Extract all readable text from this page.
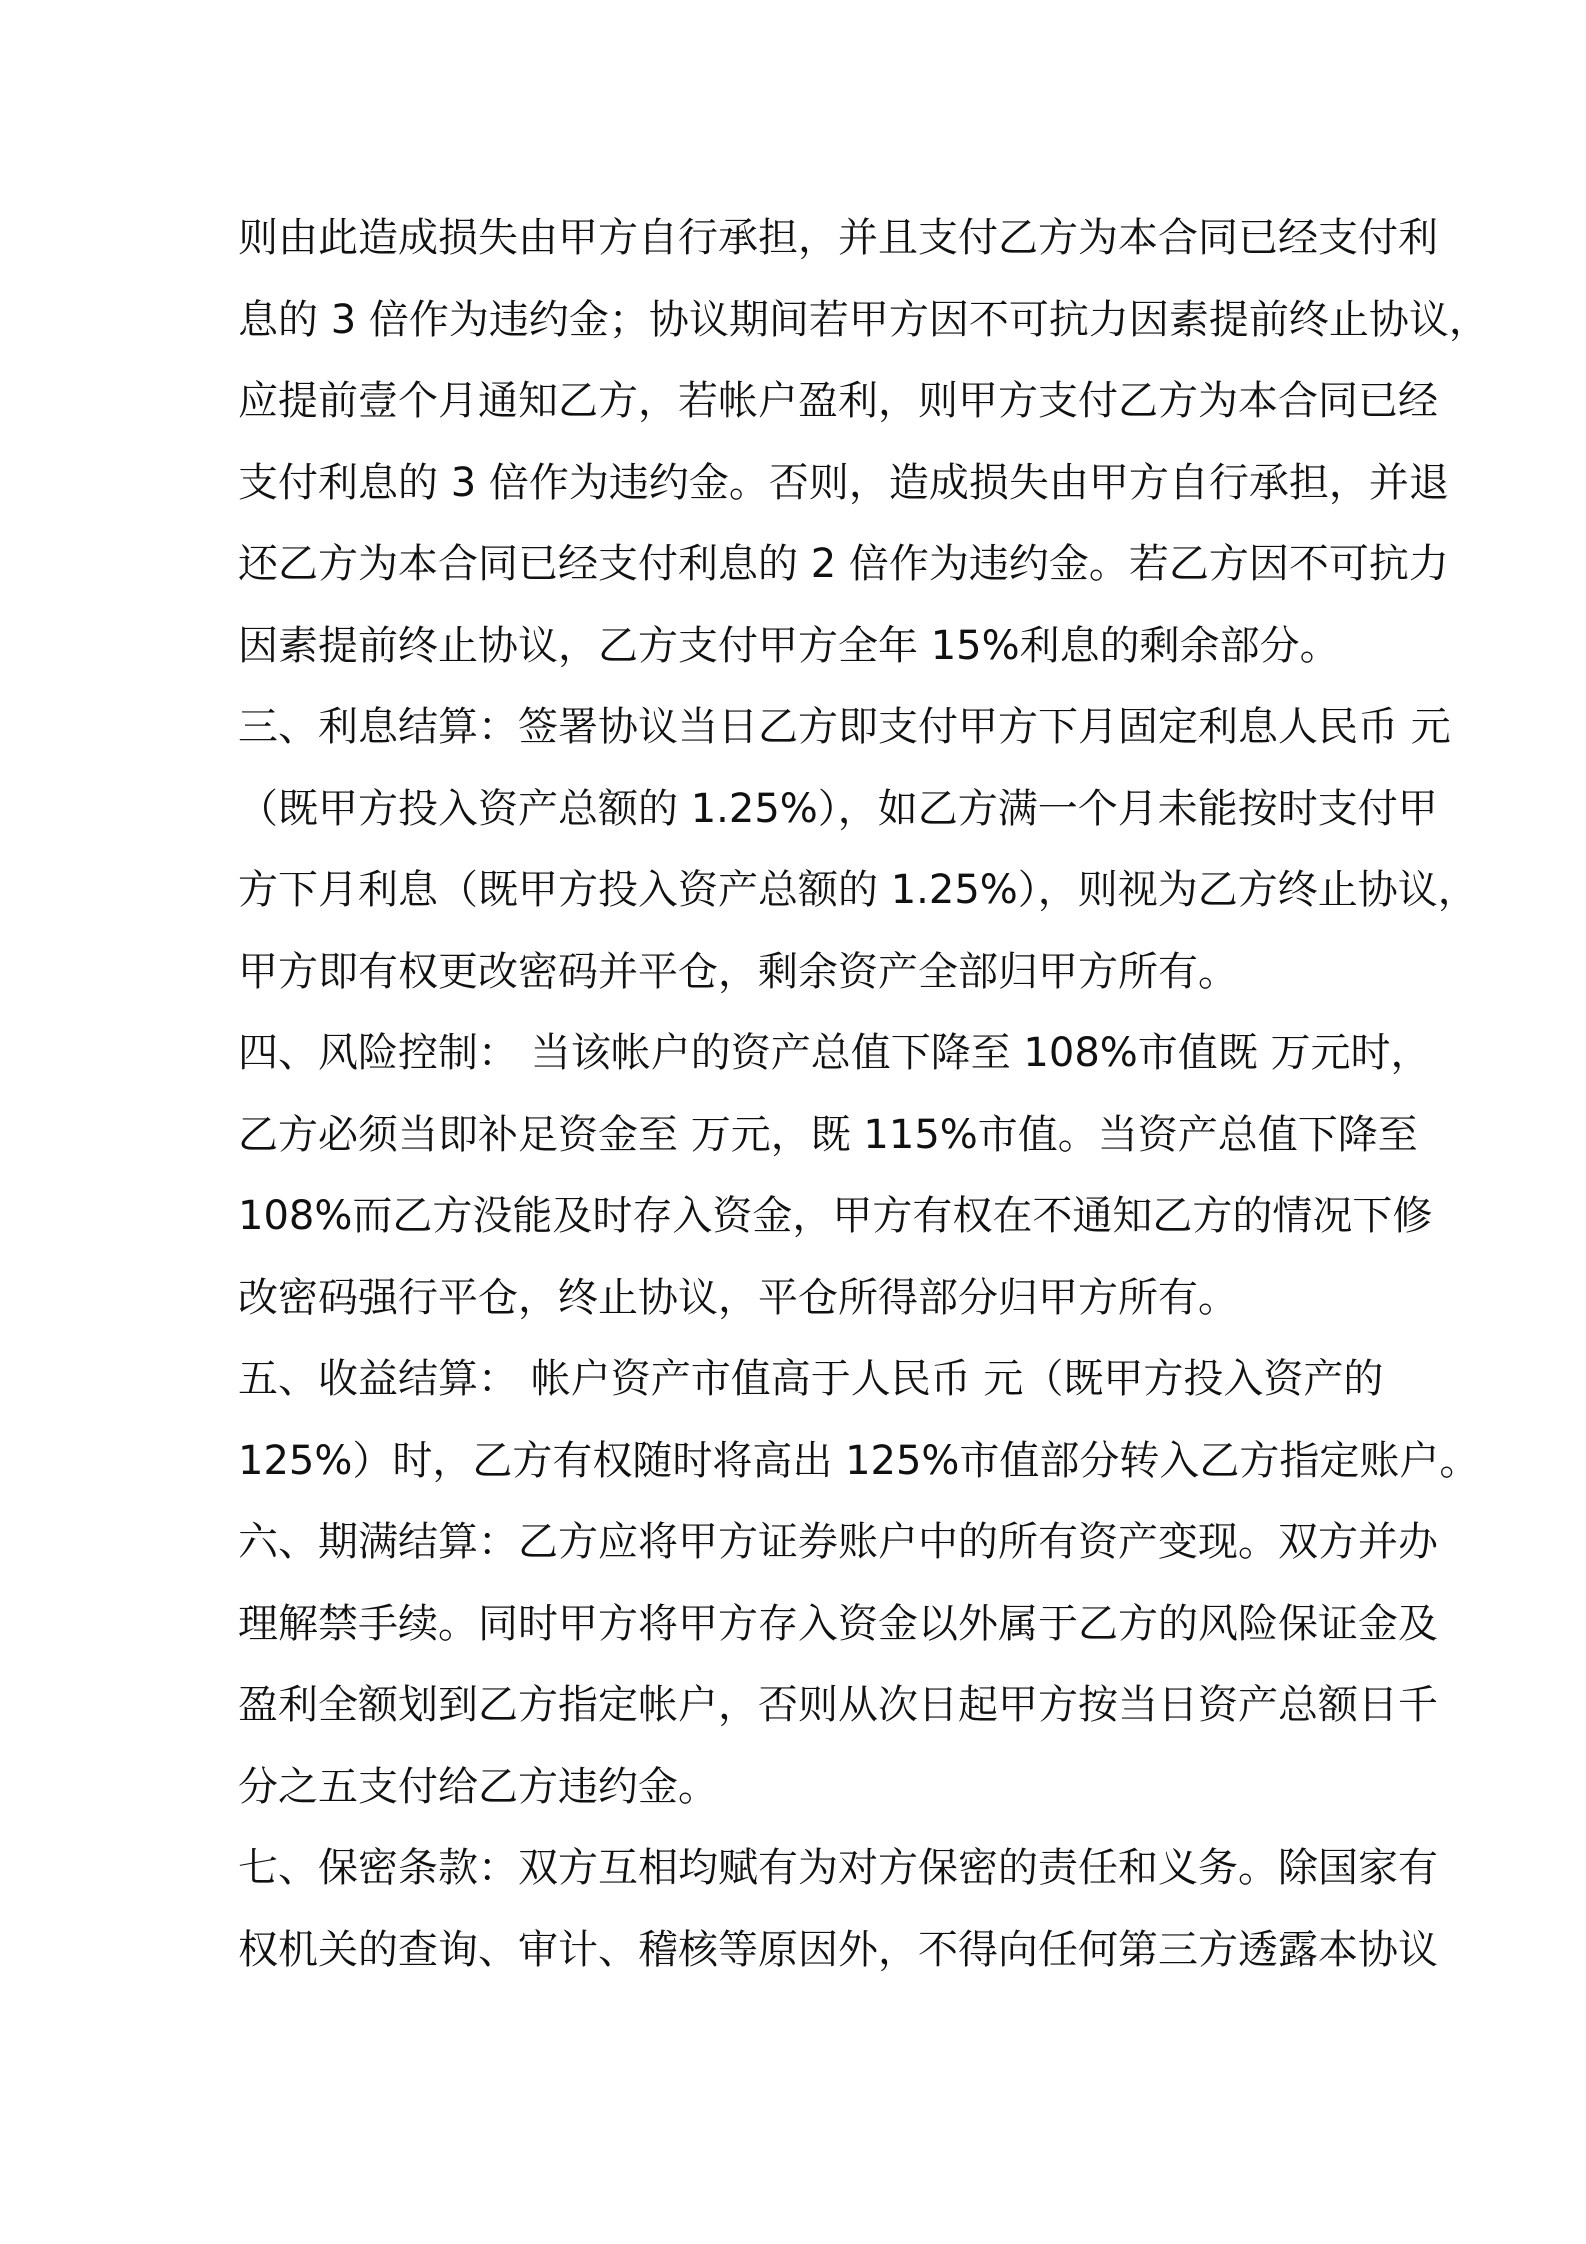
则由此造成损失由甲方自行承担，并且支付乙方为本合同已经支付利
息的 3 倍作为违约金；协议期间若甲方因不可抗力因素提前终止协议，
应提前壹个月通知乙方，若帐户盈利，则甲方支付乙方为本合同已经
支付利息的 3 倍作为违约金。否则，造成损失由甲方自行承担，并退
还乙方为本合同已经支付利息的 2 倍作为违约金。若乙方因不可抗力
因素提前终止协议，乙方支付甲方全年 15%利息的剩余部分。
三、利息结算：签署协议当日乙方即支付甲方下月固定利息人民币 元
（既甲方投入资产总额的 1.25%），如乙方满一个月未能按时支付甲
方下月利息（既甲方投入资产总额的 1.25%），则视为乙方终止协议，
甲方即有权更改密码并平仓，剩余资产全部归甲方所有。
四、风险控制： 当该帐户的资产总值下降至 108%市值既 万元时，
乙方必须当即补足资金至 万元，既 115%市值。当资产总值下降至
108%而乙方没能及时存入资金，甲方有权在不通知乙方的情况下修
改密码强行平仓，终止协议，平仓所得部分归甲方所有。
五、收益结算： 帐户资产市值高于人民币 元（既甲方投入资产的
125%）时，乙方有权随时将高出 125%市值部分转入乙方指定账户。
六、期满结算：乙方应将甲方证券账户中的所有资产变现。双方并办
理解禁手续。同时甲方将甲方存入资金以外属于乙方的风险保证金及
盈利全额划到乙方指定帐户，否则从次日起甲方按当日资产总额日千
分之五支付给乙方违约金。
七、保密条款：双方互相均赋有为对方保密的责任和义务。除国家有
权机关的查询、审计、稽核等原因外，不得向任何第三方透露本协议
